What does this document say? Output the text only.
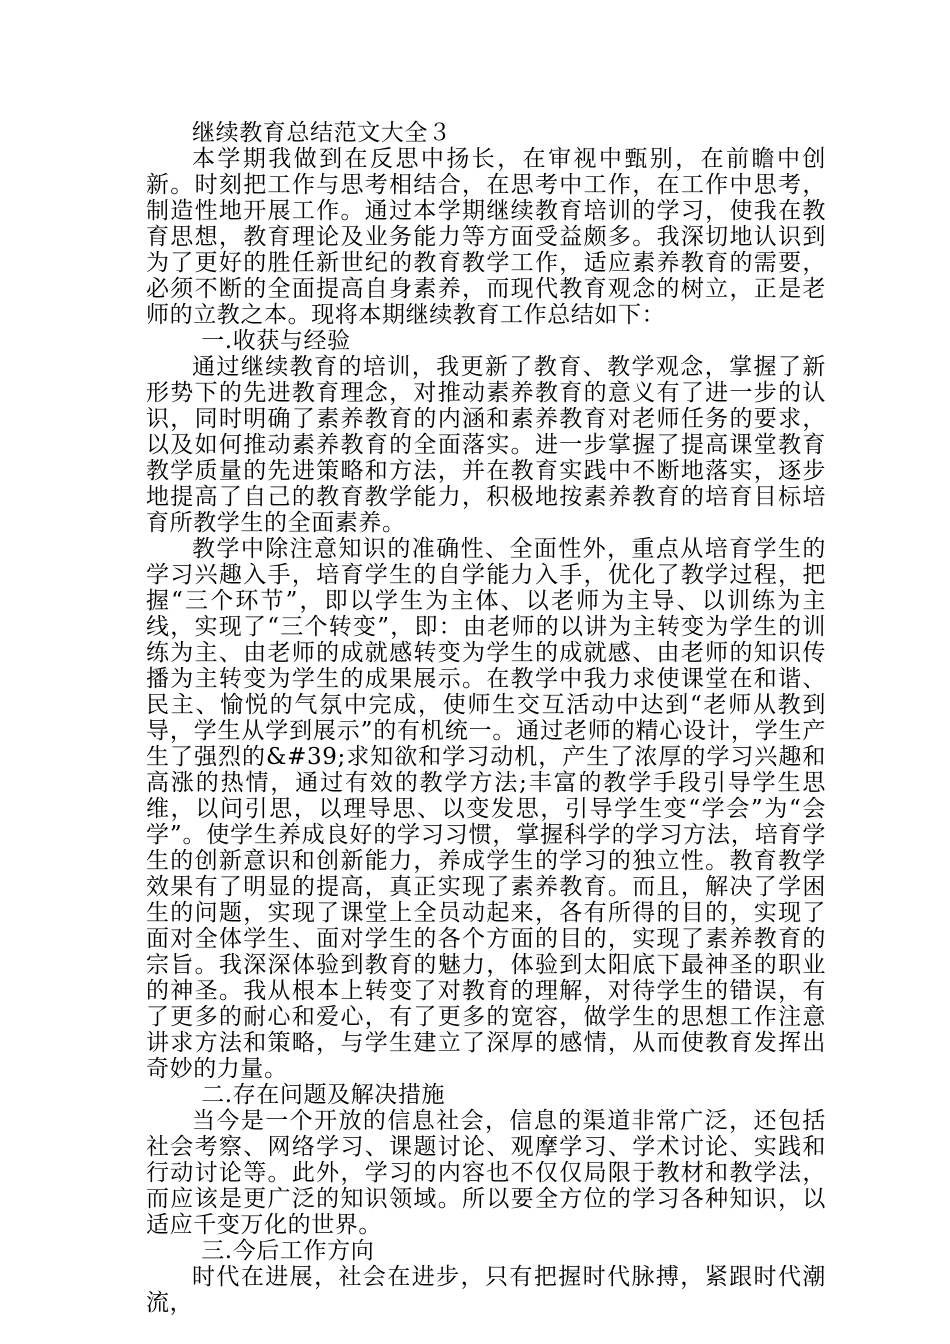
继续教育总结范文大全３

本学期我做到在反思中扬长，在审视中甄别，在前瞻中创新。时刻把工作与思考相结合，在思考中工作，在工作中思考，制造性地开展工作。通过本学期继续教育培训的学习，使我在教育思想，教育理论及业务能力等方面受益颇多。我深切地认识到为了更好的胜任新世纪的教育教学工作，适应素养教育的需要，必须不断的全面提高自身素养，而现代教育观念的树立，正是老师的立教之本。现将本期继续教育工作总结如下：

一.收获与经验

通过继续教育的培训，我更新了教育、教学观念，掌握了新形势下的先进教育理念，对推动素养教育的意义有了进一步的认识，同时明确了素养教育的内涵和素养教育对老师任务的要求，以及如何推动素养教育的全面落实。进一步掌握了提高课堂教育教学质量的先进策略和方法，并在教育实践中不断地落实，逐步地提高了自己的教育教学能力，积极地按素养教育的培育目标培育所教学生的全面素养。

教学中除注意知识的准确性、全面性外，重点从培育学生的学习兴趣入手，培育学生的自学能力入手，优化了教学过程，把握“三个环节”，即以学生为主体、以老师为主导、以训练为主线，实现了“三个转变”，即：由老师的以讲为主转变为学生的训练为主、由老师的成就感转变为学生的成就感、由老师的知识传播为主转变为学生的成果展示。在教学中我力求使课堂在和谐、民主、愉悦的气氛中完成，使师生交互活动中达到“老师从教到导，学生从学到展示”的有机统一。通过老师的精心设计，学生产生了强烈的&#39;求知欲和学习动机，产生了浓厚的学习兴趣和高涨的热情，通过有效的教学方法;丰富的教学手段引导学生思维，以问引思，以理导思、以变发思，引导学生变“学会”为“会学”。使学生养成良好的学习习惯，掌握科学的学习方法，培育学生的创新意识和创新能力，养成学生的学习的独立性。教育教学效果有了明显的提高，真正实现了素养教育。而且，解决了学困生的问题，实现了课堂上全员动起来，各有所得的目的，实现了面对全体学生、面对学生的各个方面的目的，实现了素养教育的宗旨。我深深体验到教育的魅力，体验到太阳底下最神圣的职业的神圣。我从根本上转变了对教育的理解，对待学生的错误，有了更多的耐心和爱心，有了更多的宽容，做学生的思想工作注意讲求方法和策略，与学生建立了深厚的感情，从而使教育发挥出奇妙的力量。

二.存在问题及解决措施

当今是一个开放的信息社会，信息的渠道非常广泛，还包括社会考察、网络学习、课题讨论、观摩学习、学术讨论、实践和行动讨论等。此外，学习的内容也不仅仅局限于教材和教学法，而应该是更广泛的知识领域。所以要全方位的学习各种知识，以适应千变万化的世界。

三.今后工作方向

时代在进展，社会在进步，只有把握时代脉搏，紧跟时代潮流，
